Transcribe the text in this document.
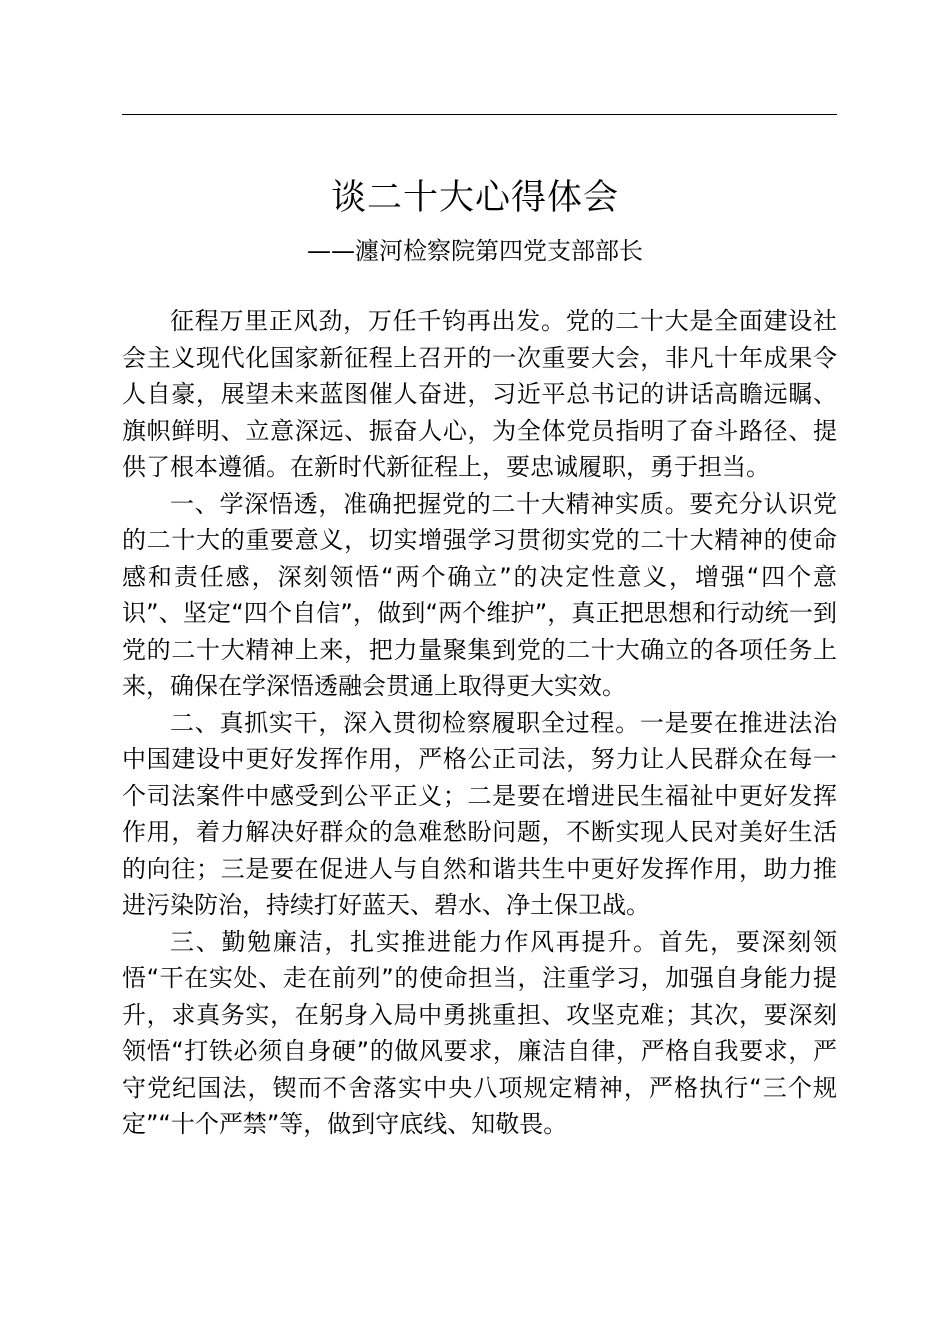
谈二十大心得体会
——瀍河检察院第四党支部部长

征程万里正风劲，万任千钧再出发。党的二十大是全面建设社会主义现代化国家新征程上召开的一次重要大会，非凡十年成果令人自豪，展望未来蓝图催人奋进，习近平总书记的讲话高瞻远瞩、旗帜鲜明、立意深远、振奋人心，为全体党员指明了奋斗路径、提供了根本遵循。在新时代新征程上，要忠诚履职，勇于担当。

一、学深悟透，准确把握党的二十大精神实质。要充分认识党的二十大的重要意义，切实增强学习贯彻实党的二十大精神的使命感和责任感，深刻领悟“两个确立”的决定性意义，增强“四个意识”、坚定“四个自信”，做到“两个维护”，真正把思想和行动统一到党的二十大精神上来，把力量聚集到党的二十大确立的各项任务上来，确保在学深悟透融会贯通上取得更大实效。

二、真抓实干，深入贯彻检察履职全过程。一是要在推进法治中国建设中更好发挥作用，严格公正司法，努力让人民群众在每一个司法案件中感受到公平正义；二是要在增进民生福祉中更好发挥作用，着力解决好群众的急难愁盼问题，不断实现人民对美好生活的向往；三是要在促进人与自然和谐共生中更好发挥作用，助力推进污染防治，持续打好蓝天、碧水、净土保卫战。

三、勤勉廉洁，扎实推进能力作风再提升。首先，要深刻领悟“干在实处、走在前列”的使命担当，注重学习，加强自身能力提升，求真务实，在躬身入局中勇挑重担、攻坚克难；其次，要深刻领悟“打铁必须自身硬”的做风要求，廉洁自律，严格自我要求，严守党纪国法，锲而不舍落实中央八项规定精神，严格执行“三个规定”“十个严禁”等，做到守底线、知敬畏。
